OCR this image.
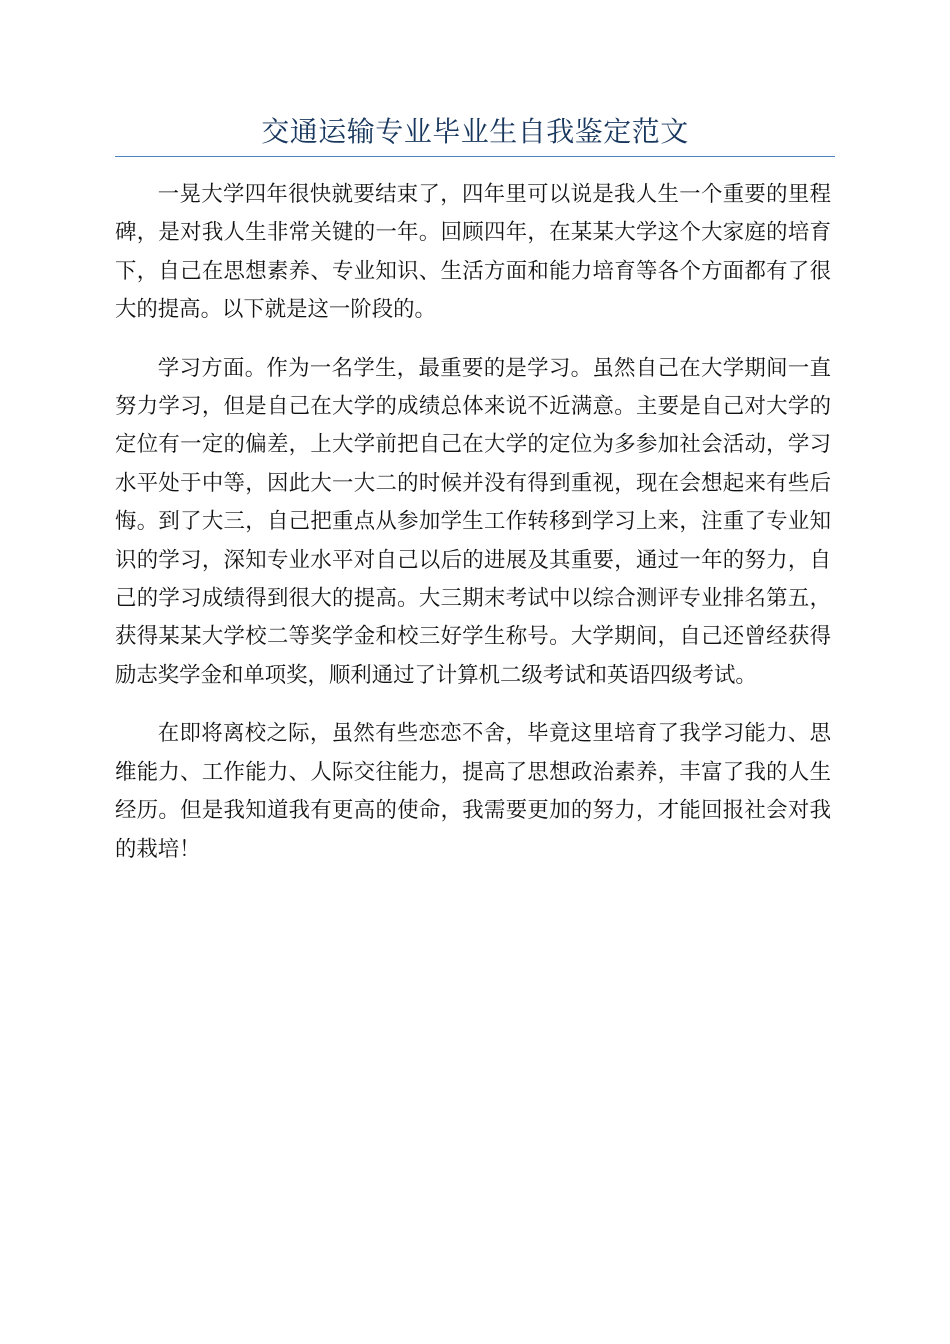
交通运输专业毕业生自我鉴定范文

一晃大学四年很快就要结束了，四年里可以说是我人生一个重要的里程碑，是对我人生非常关键的一年。回顾四年，在某某大学这个大家庭的培育下，自己在思想素养、专业知识、生活方面和能力培育等各个方面都有了很大的提高。以下就是这一阶段的。

学习方面。作为一名学生，最重要的是学习。虽然自己在大学期间一直努力学习，但是自己在大学的成绩总体来说不近满意。主要是自己对大学的定位有一定的偏差，上大学前把自己在大学的定位为多参加社会活动，学习水平处于中等，因此大一大二的时候并没有得到重视，现在会想起来有些后悔。到了大三，自己把重点从参加学生工作转移到学习上来，注重了专业知识的学习，深知专业水平对自己以后的进展及其重要，通过一年的努力，自己的学习成绩得到很大的提高。大三期末考试中以综合测评专业排名第五，获得某某大学校二等奖学金和校三好学生称号。大学期间，自己还曾经获得励志奖学金和单项奖，顺利通过了计算机二级考试和英语四级考试。

在即将离校之际，虽然有些恋恋不舍，毕竟这里培育了我学习能力、思维能力、工作能力、人际交往能力，提高了思想政治素养，丰富了我的人生经历。但是我知道我有更高的使命，我需要更加的努力，才能回报社会对我的栽培！
